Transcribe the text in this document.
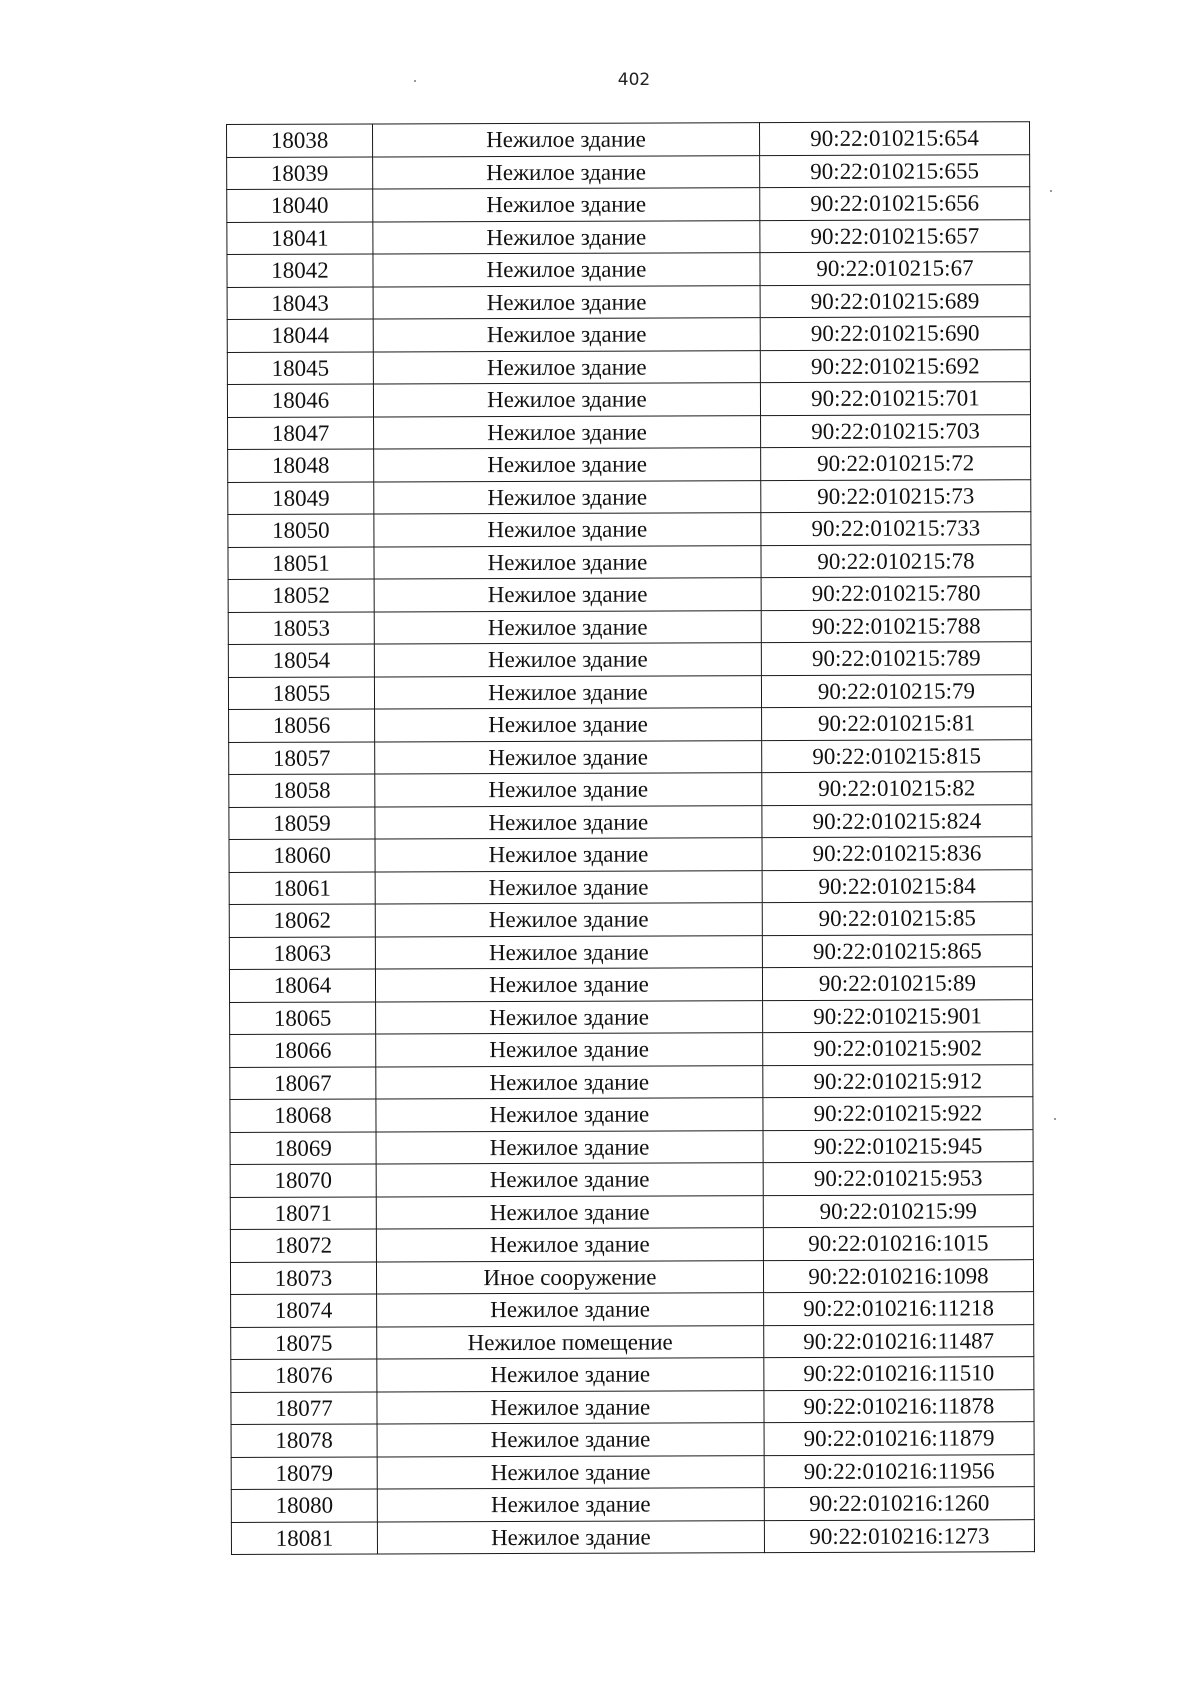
402
18038	Нежилое здание	90:22:010215:654
18039	Нежилое здание	90:22:010215:655
18040	Нежилое здание	90:22:010215:656
18041	Нежилое здание	90:22:010215:657
18042	Нежилое здание	90:22:010215:67
18043	Нежилое здание	90:22:010215:689
18044	Нежилое здание	90:22:010215:690
18045	Нежилое здание	90:22:010215:692
18046	Нежилое здание	90:22:010215:701
18047	Нежилое здание	90:22:010215:703
18048	Нежилое здание	90:22:010215:72
18049	Нежилое здание	90:22:010215:73
18050	Нежилое здание	90:22:010215:733
18051	Нежилое здание	90:22:010215:78
18052	Нежилое здание	90:22:010215:780
18053	Нежилое здание	90:22:010215:788
18054	Нежилое здание	90:22:010215:789
18055	Нежилое здание	90:22:010215:79
18056	Нежилое здание	90:22:010215:81
18057	Нежилое здание	90:22:010215:815
18058	Нежилое здание	90:22:010215:82
18059	Нежилое здание	90:22:010215:824
18060	Нежилое здание	90:22:010215:836
18061	Нежилое здание	90:22:010215:84
18062	Нежилое здание	90:22:010215:85
18063	Нежилое здание	90:22:010215:865
18064	Нежилое здание	90:22:010215:89
18065	Нежилое здание	90:22:010215:901
18066	Нежилое здание	90:22:010215:902
18067	Нежилое здание	90:22:010215:912
18068	Нежилое здание	90:22:010215:922
18069	Нежилое здание	90:22:010215:945
18070	Нежилое здание	90:22:010215:953
18071	Нежилое здание	90:22:010215:99
18072	Нежилое здание	90:22:010216:1015
18073	Иное сооружение	90:22:010216:1098
18074	Нежилое здание	90:22:010216:11218
18075	Нежилое помещение	90:22:010216:11487
18076	Нежилое здание	90:22:010216:11510
18077	Нежилое здание	90:22:010216:11878
18078	Нежилое здание	90:22:010216:11879
18079	Нежилое здание	90:22:010216:11956
18080	Нежилое здание	90:22:010216:1260
18081	Нежилое здание	90:22:010216:1273
